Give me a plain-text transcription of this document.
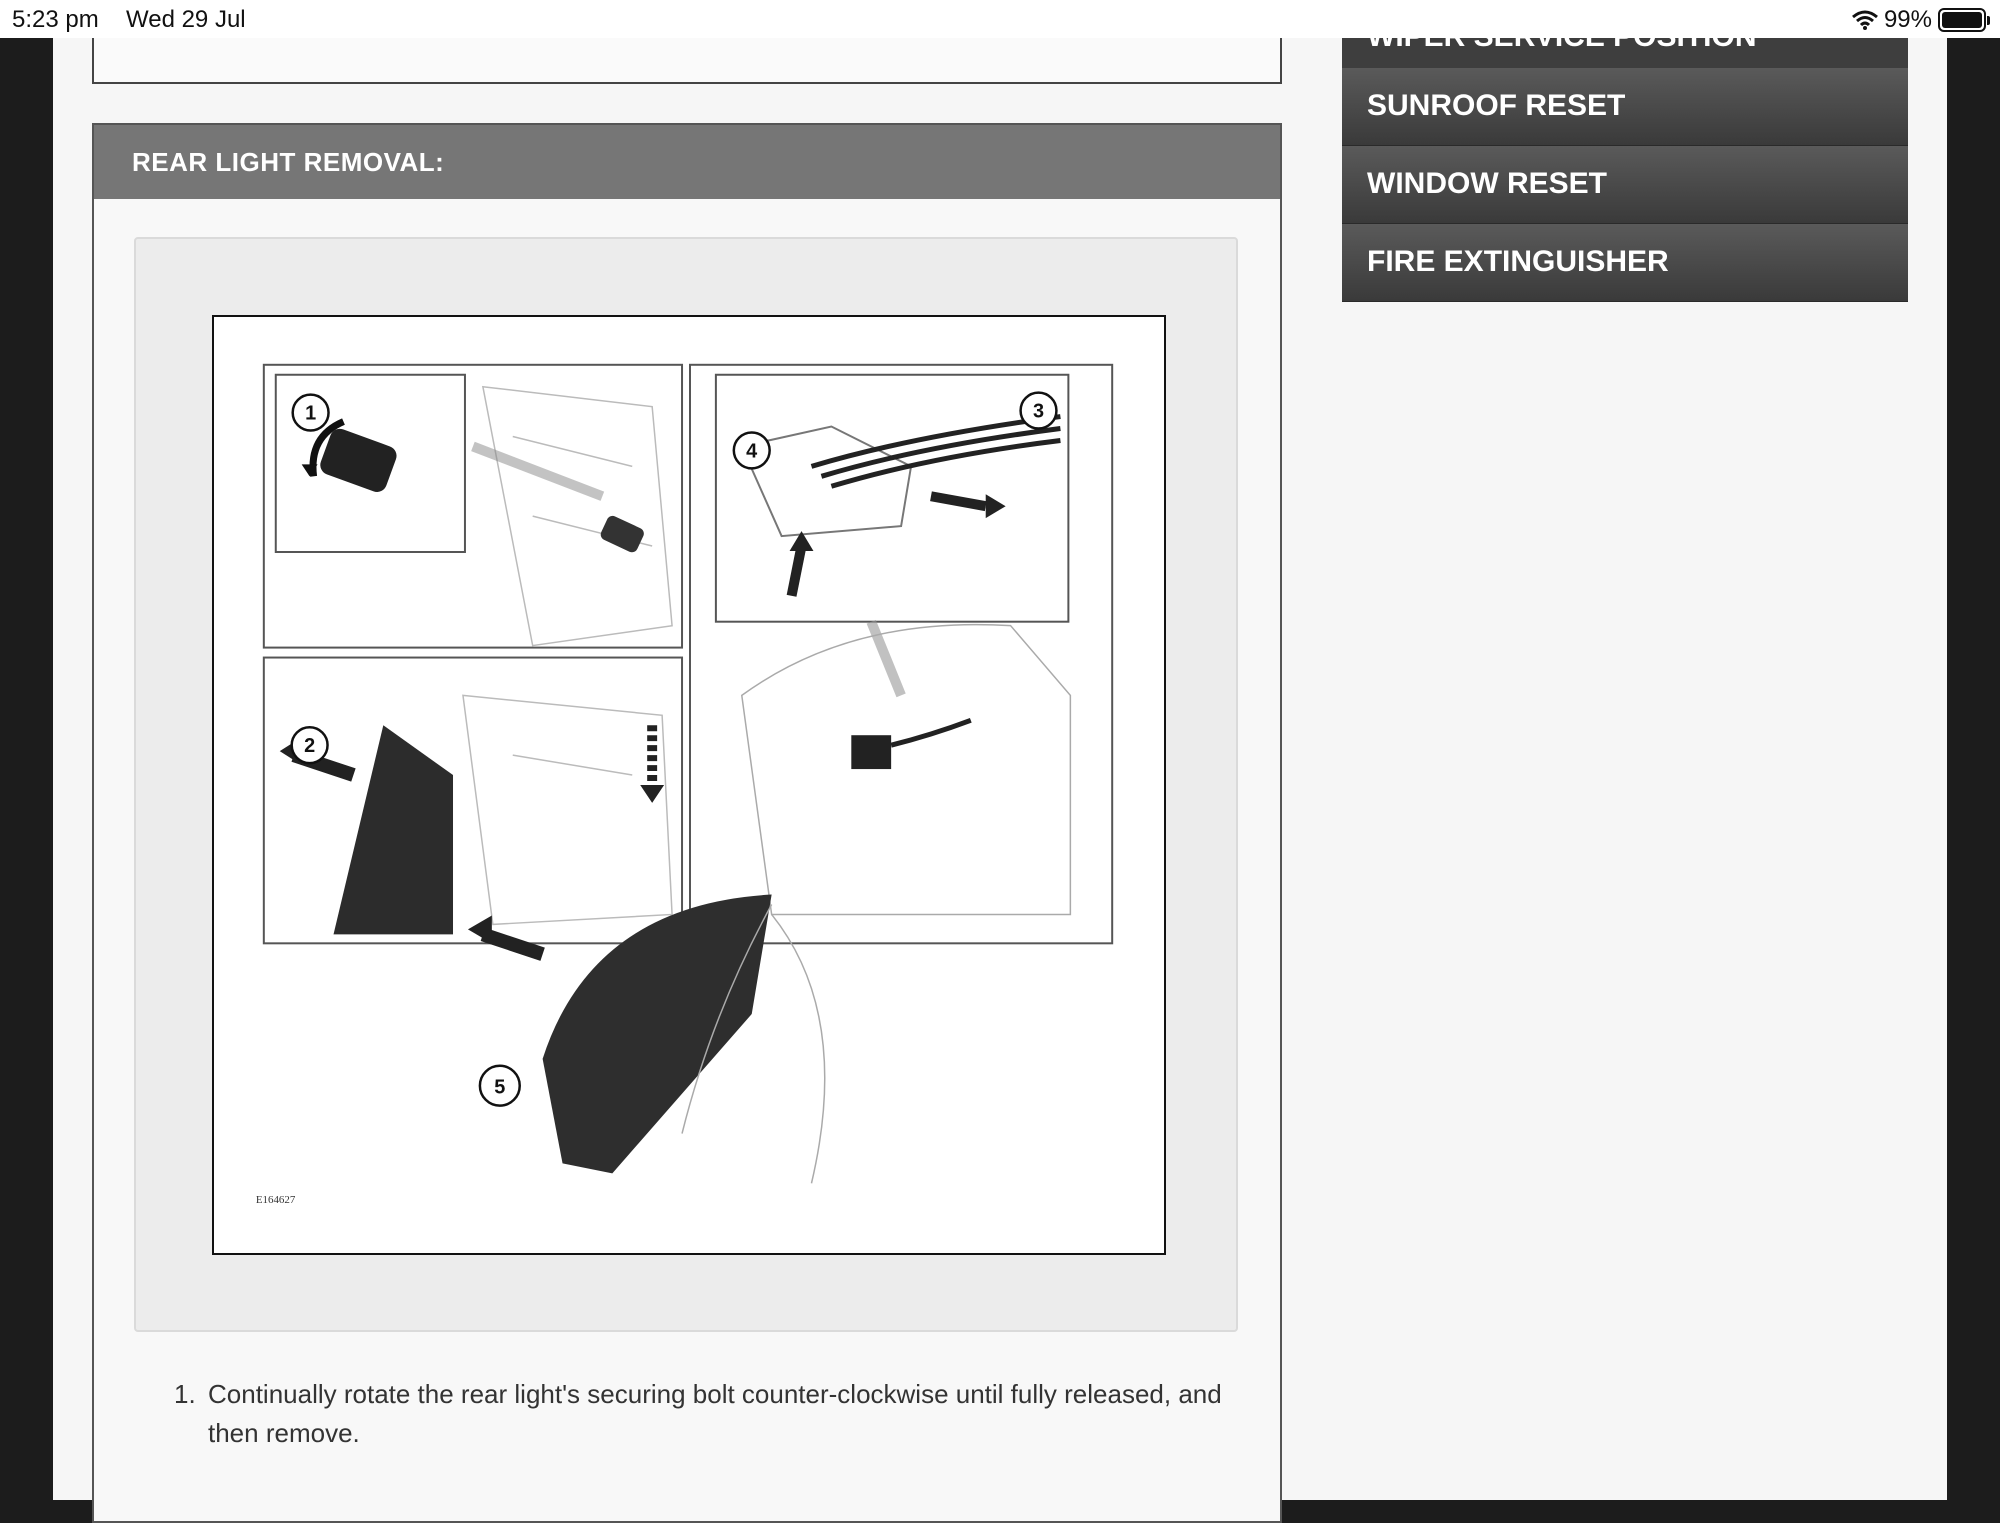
5:23 pm Wed 29 Jul	99%
REAR LIGHT REMOVAL:
1
2
3
4
5
E164627
1. Continually rotate the rear light's securing bolt counter-clockwise until fully released, and then remove.
WIPER SERVICE POSITION
SUNROOF RESET
WINDOW RESET
FIRE EXTINGUISHER
